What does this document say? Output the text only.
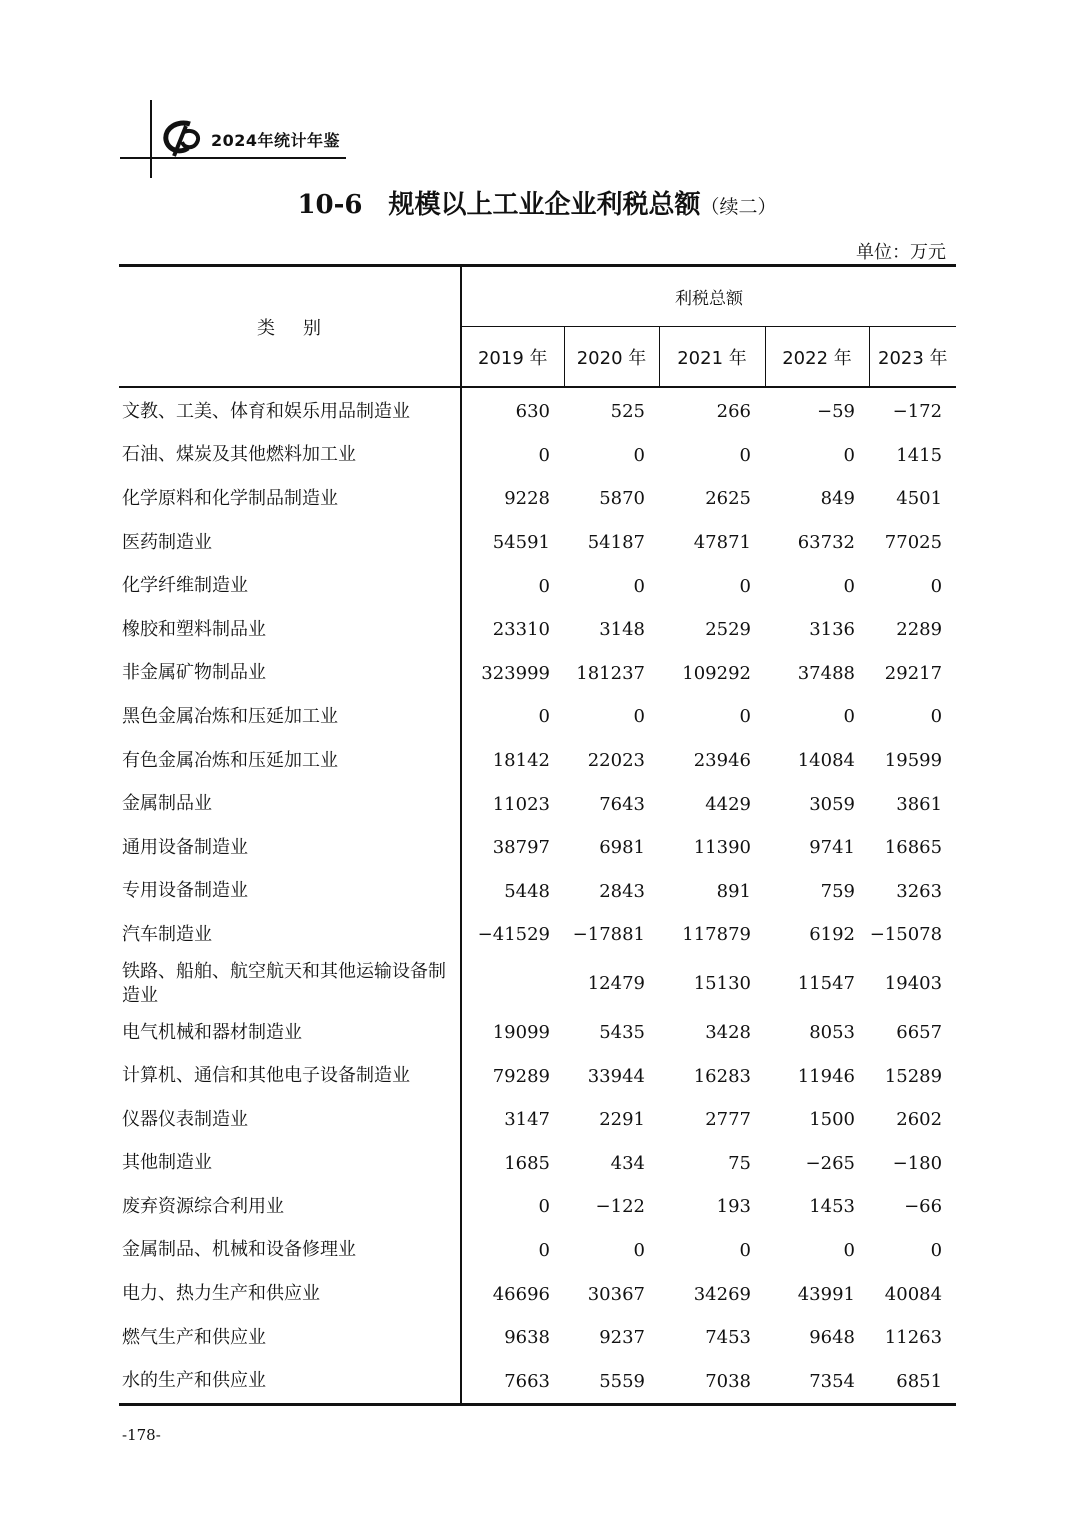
2024年统计年鉴
10-6　规模以上工业企业利税总额（续二）
单位：万元
类别	利税总额				
	2019 年	2020 年	2021 年	2022 年	2023 年
文教、工美、体育和娱乐用品制造业	630	525	266	−59	−172
石油、煤炭及其他燃料加工业	0	0	0	0	1415
化学原料和化学制品制造业	9228	5870	2625	849	4501
医药制造业	54591	54187	47871	63732	77025
化学纤维制造业	0	0	0	0	0
橡胶和塑料制品业	23310	3148	2529	3136	2289
非金属矿物制品业	323999	181237	109292	37488	29217
黑色金属冶炼和压延加工业	0	0	0	0	0
有色金属冶炼和压延加工业	18142	22023	23946	14084	19599
金属制品业	11023	7643	4429	3059	3861
通用设备制造业	38797	6981	11390	9741	16865
专用设备制造业	5448	2843	891	759	3263
汽车制造业	−41529	−17881	117879	6192	−15078
铁路、船舶、航空航天和其他运输设备制造业		12479	15130	11547	19403
电气机械和器材制造业	19099	5435	3428	8053	6657
计算机、通信和其他电子设备制造业	79289	33944	16283	11946	15289
仪器仪表制造业	3147	2291	2777	1500	2602
其他制造业	1685	434	75	−265	−180
废弃资源综合利用业	0	−122	193	1453	−66
金属制品、机械和设备修理业	0	0	0	0	0
电力、热力生产和供应业	46696	30367	34269	43991	40084
燃气生产和供应业	9638	9237	7453	9648	11263
水的生产和供应业	7663	5559	7038	7354	6851
-178-
